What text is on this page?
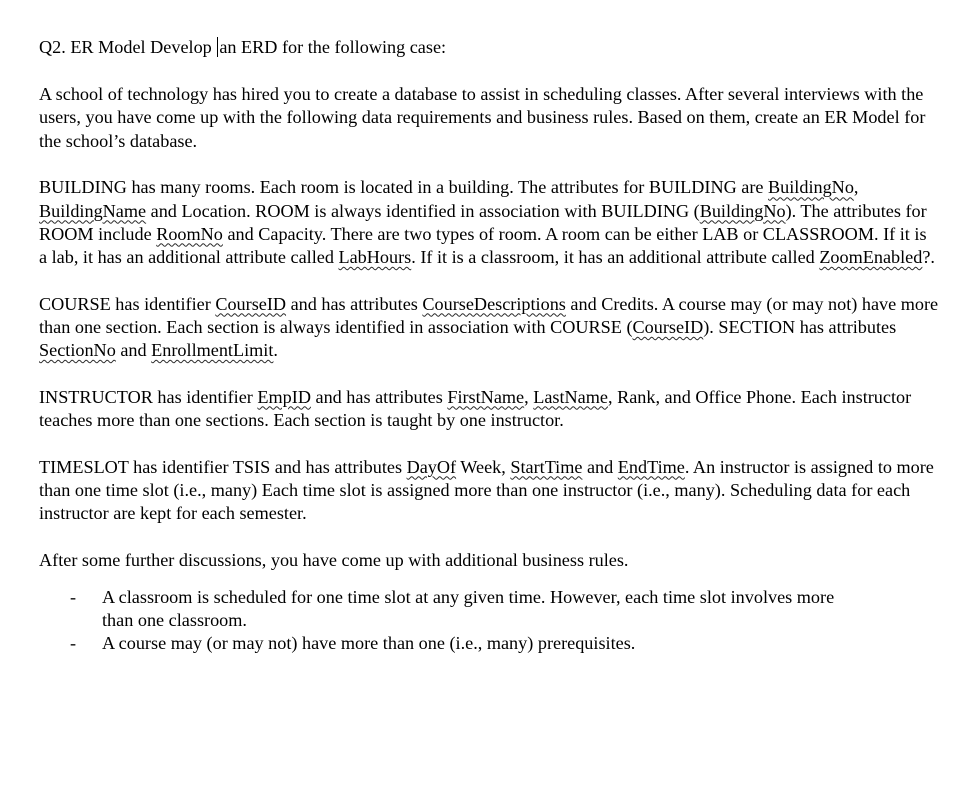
Q2. ER Model Develop an ERD for the following case:

A school of technology has hired you to create a database to assist in scheduling classes. After several interviews with the users, you have come up with the following data requirements and business rules. Based on them, create an ER Model for the school’s database.

BUILDING has many rooms. Each room is located in a building. The attributes for BUILDING are BuildingNo, BuildingName and Location. ROOM is always identified in association with BUILDING (BuildingNo). The attributes for ROOM include RoomNo and Capacity. There are two types of room. A room can be either LAB or CLASSROOM. If it is a lab, it has an additional attribute called LabHours. If it is a classroom, it has an additional attribute called ZoomEnabled?.

COURSE has identifier CourseID and has attributes CourseDescriptions and Credits. A course may (or may not) have more than one section. Each section is always identified in association with COURSE (CourseID). SECTION has attributes SectionNo and EnrollmentLimit.

INSTRUCTOR has identifier EmpID and has attributes FirstName, LastName, Rank, and Office Phone. Each instructor teaches more than one sections. Each section is taught by one instructor.

TIMESLOT has identifier TSIS and has attributes DayOf Week, StartTime and EndTime. An instructor is assigned to more than one time slot (i.e., many) Each time slot is assigned more than one instructor (i.e., many). Scheduling data for each instructor are kept for each semester.

After some further discussions, you have come up with additional business rules.

- A classroom is scheduled for one time slot at any given time. However, each time slot involves more than one classroom.
- A course may (or may not) have more than one (i.e., many) prerequisites.
